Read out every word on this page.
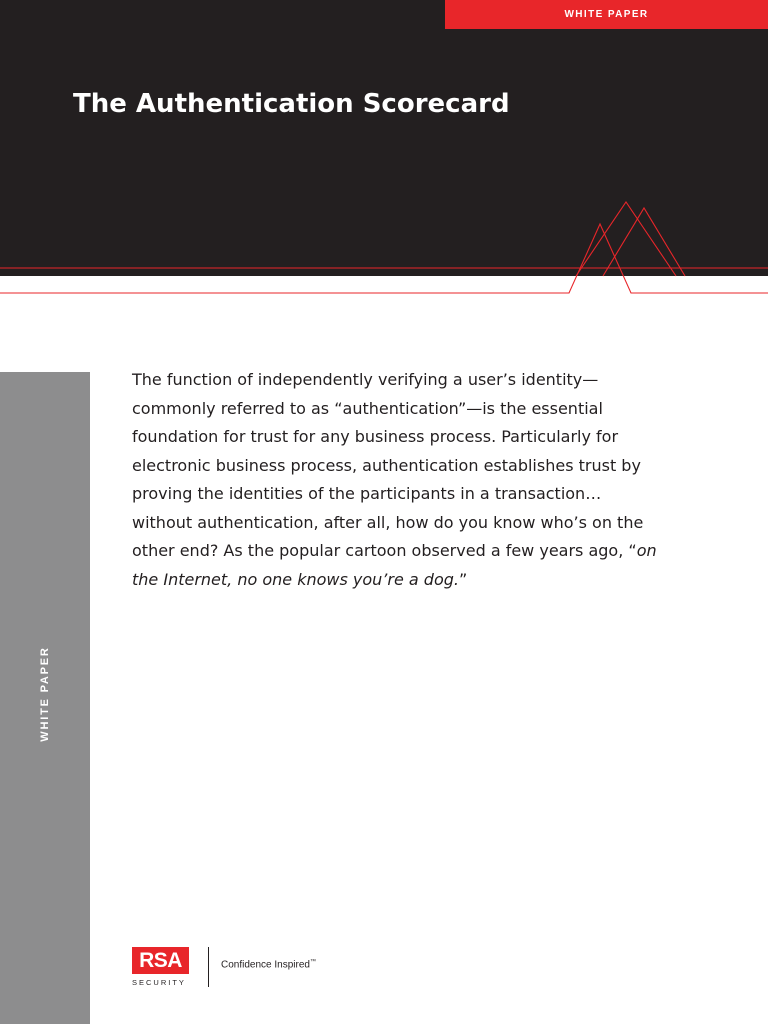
WHITE PAPER
The Authentication Scorecard
WHITE PAPER

The function of independently verifying a user’s identity—
commonly referred to as “authentication”—is the essential
foundation for trust for any business process. Particularly for
electronic business process, authentication establishes trust by
proving the identities of the participants in a transaction…
without authentication, after all, how do you know who’s on the
other end? As the popular cartoon observed a few years ago, “on
the Internet, no one knows you’re a dog.”

RSA
SECURITY
Confidence Inspired™
